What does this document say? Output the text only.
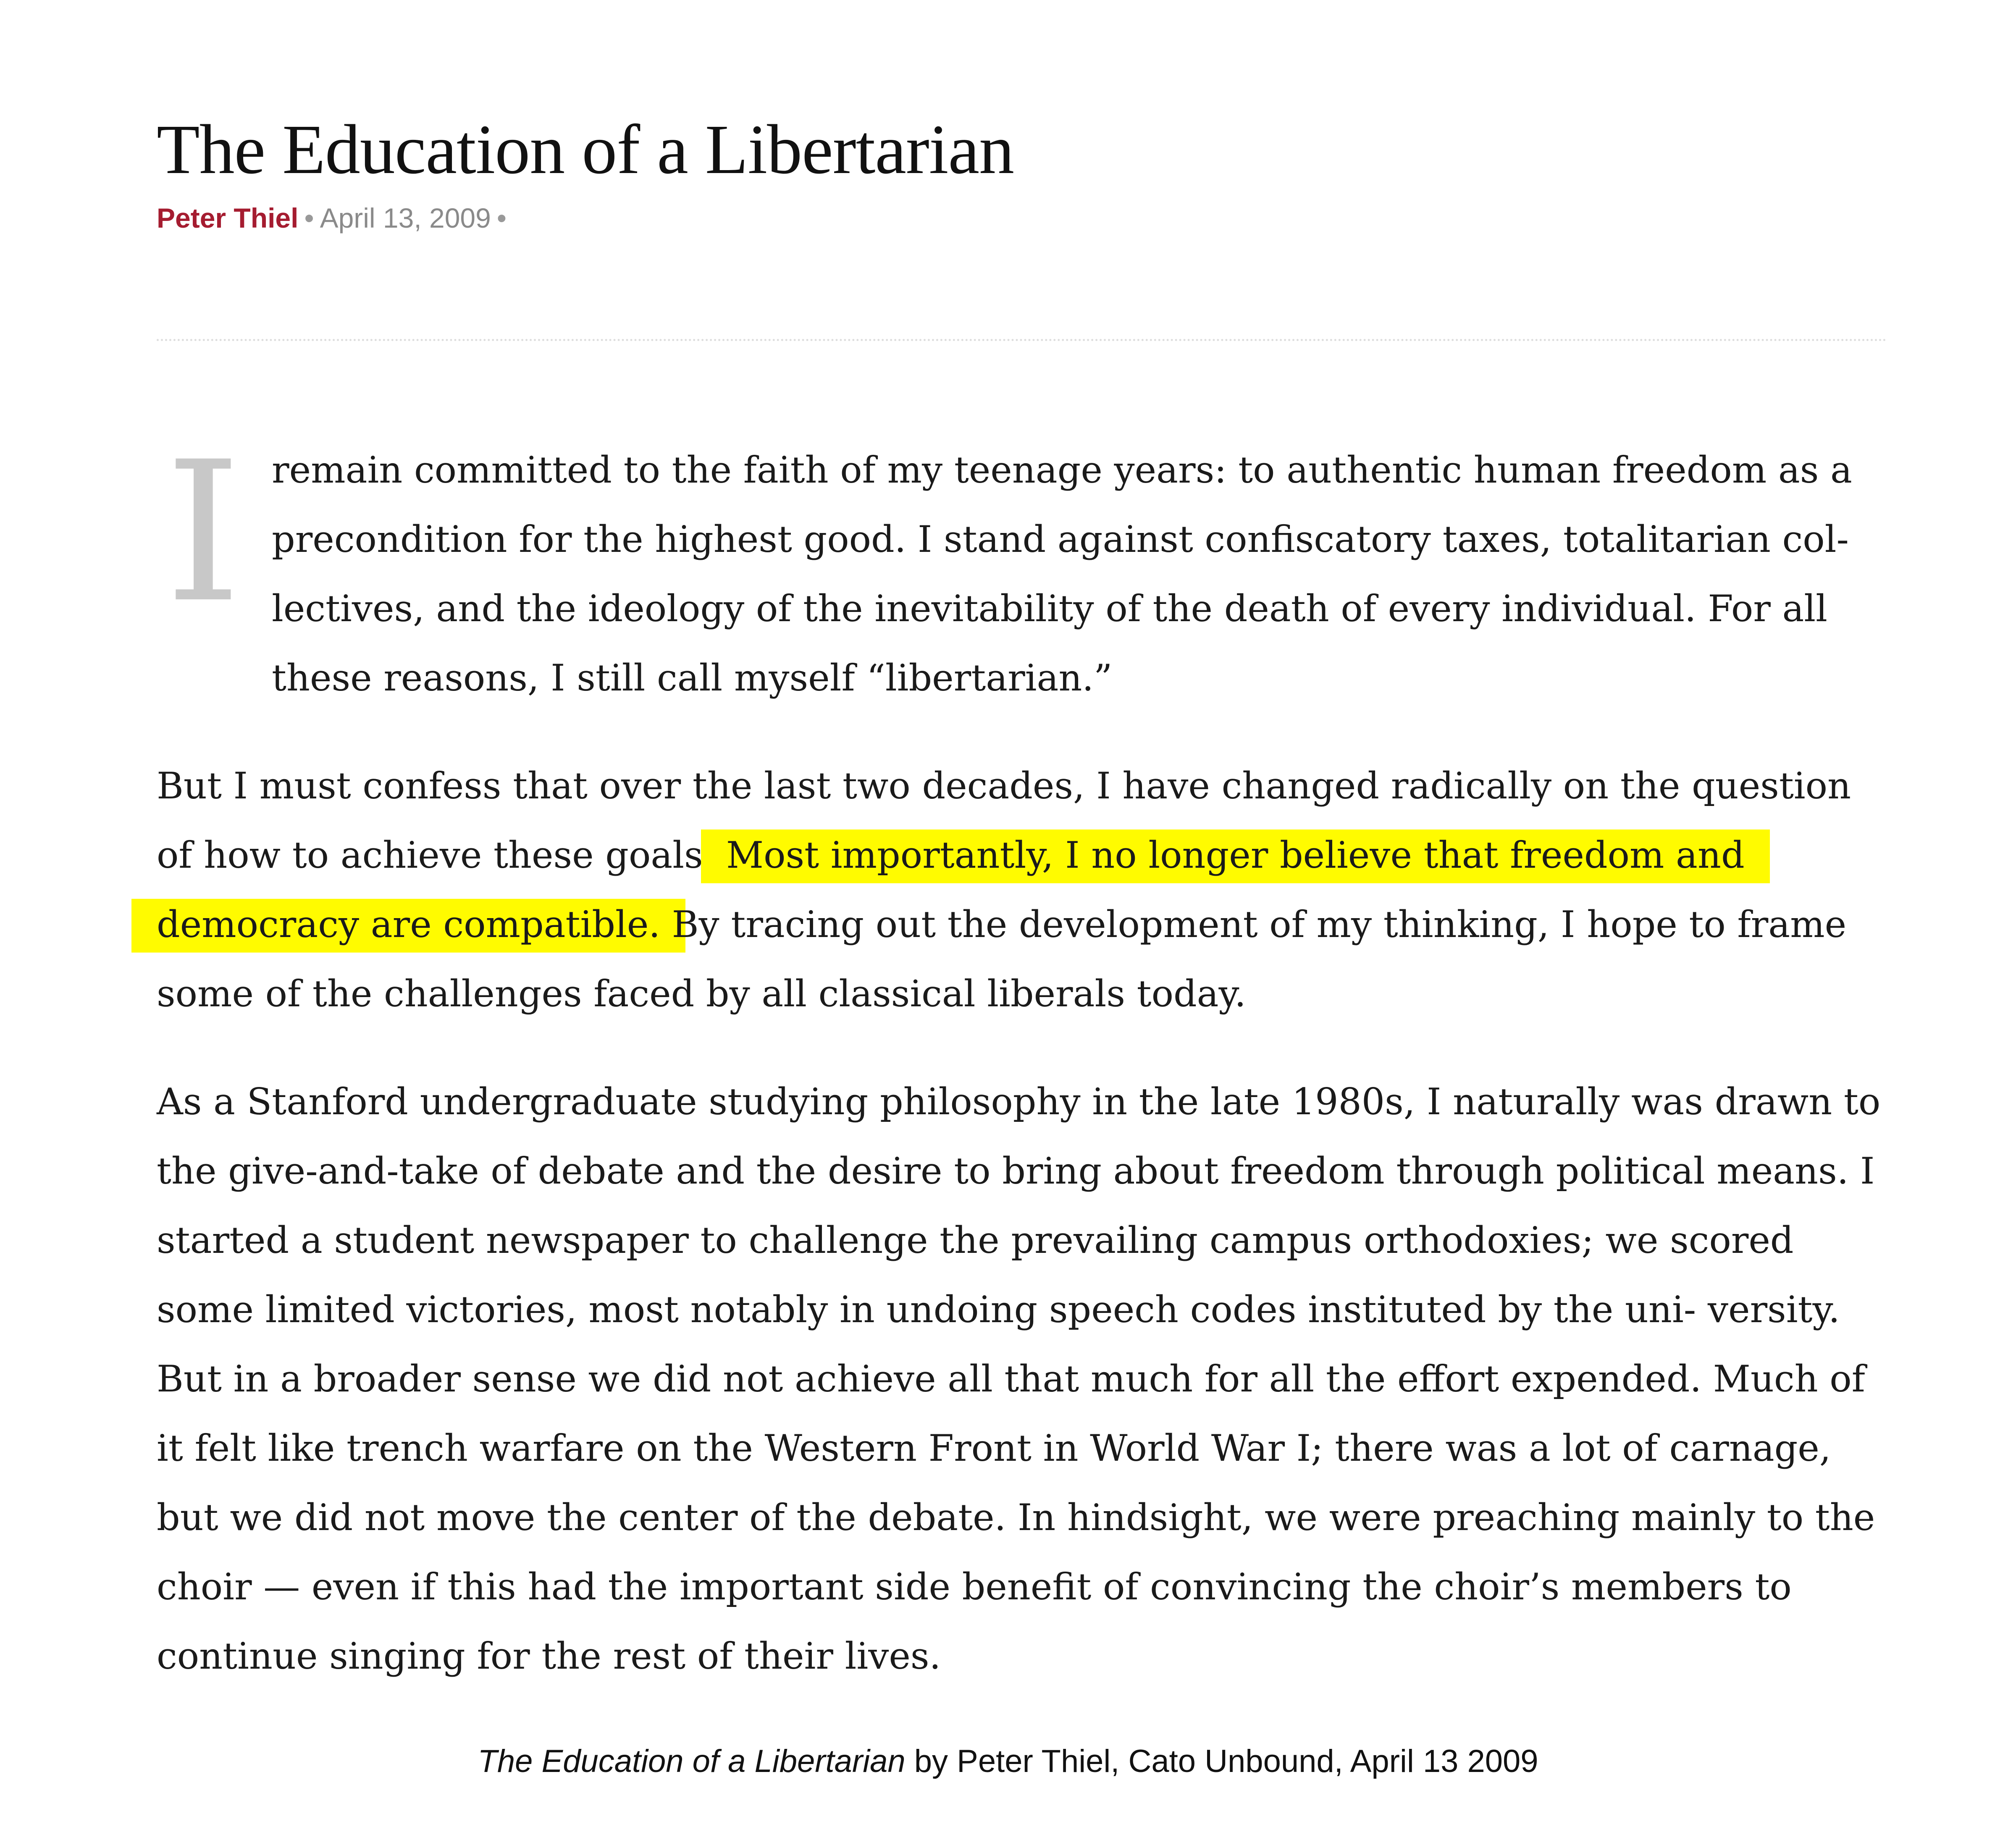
The Education of a Libertarian
Peter Thiel • April 13, 2009 •

I remain committed to the faith of my teenage years: to authentic human freedom as a precondition for the highest good. I stand against confiscatory taxes, totalitarian col- lectives, and the ideology of the inevitability of the death of every individual. For all these reasons, I still call myself “libertarian.”

But I must confess that over the last two decades, I have changed radically on the question of how to achieve these goals. Most importantly, I no longer believe that freedom and democracy are compatible. By tracing out the development of my thinking, I hope to frame some of the challenges faced by all classical liberals today.

As a Stanford undergraduate studying philosophy in the late 1980s, I naturally was drawn to the give-and-take of debate and the desire to bring about freedom through political means. I started a student newspaper to challenge the prevailing campus orthodoxies; we scored some limited victories, most notably in undoing speech codes instituted by the uni- versity. But in a broader sense we did not achieve all that much for all the effort expended. Much of it felt like trench warfare on the Western Front in World War I; there was a lot of carnage, but we did not move the center of the debate. In hindsight, we were preaching mainly to the choir — even if this had the important side benefit of convincing the choir’s members to continue singing for the rest of their lives.

The Education of a Libertarian by Peter Thiel, Cato Unbound, April 13 2009
